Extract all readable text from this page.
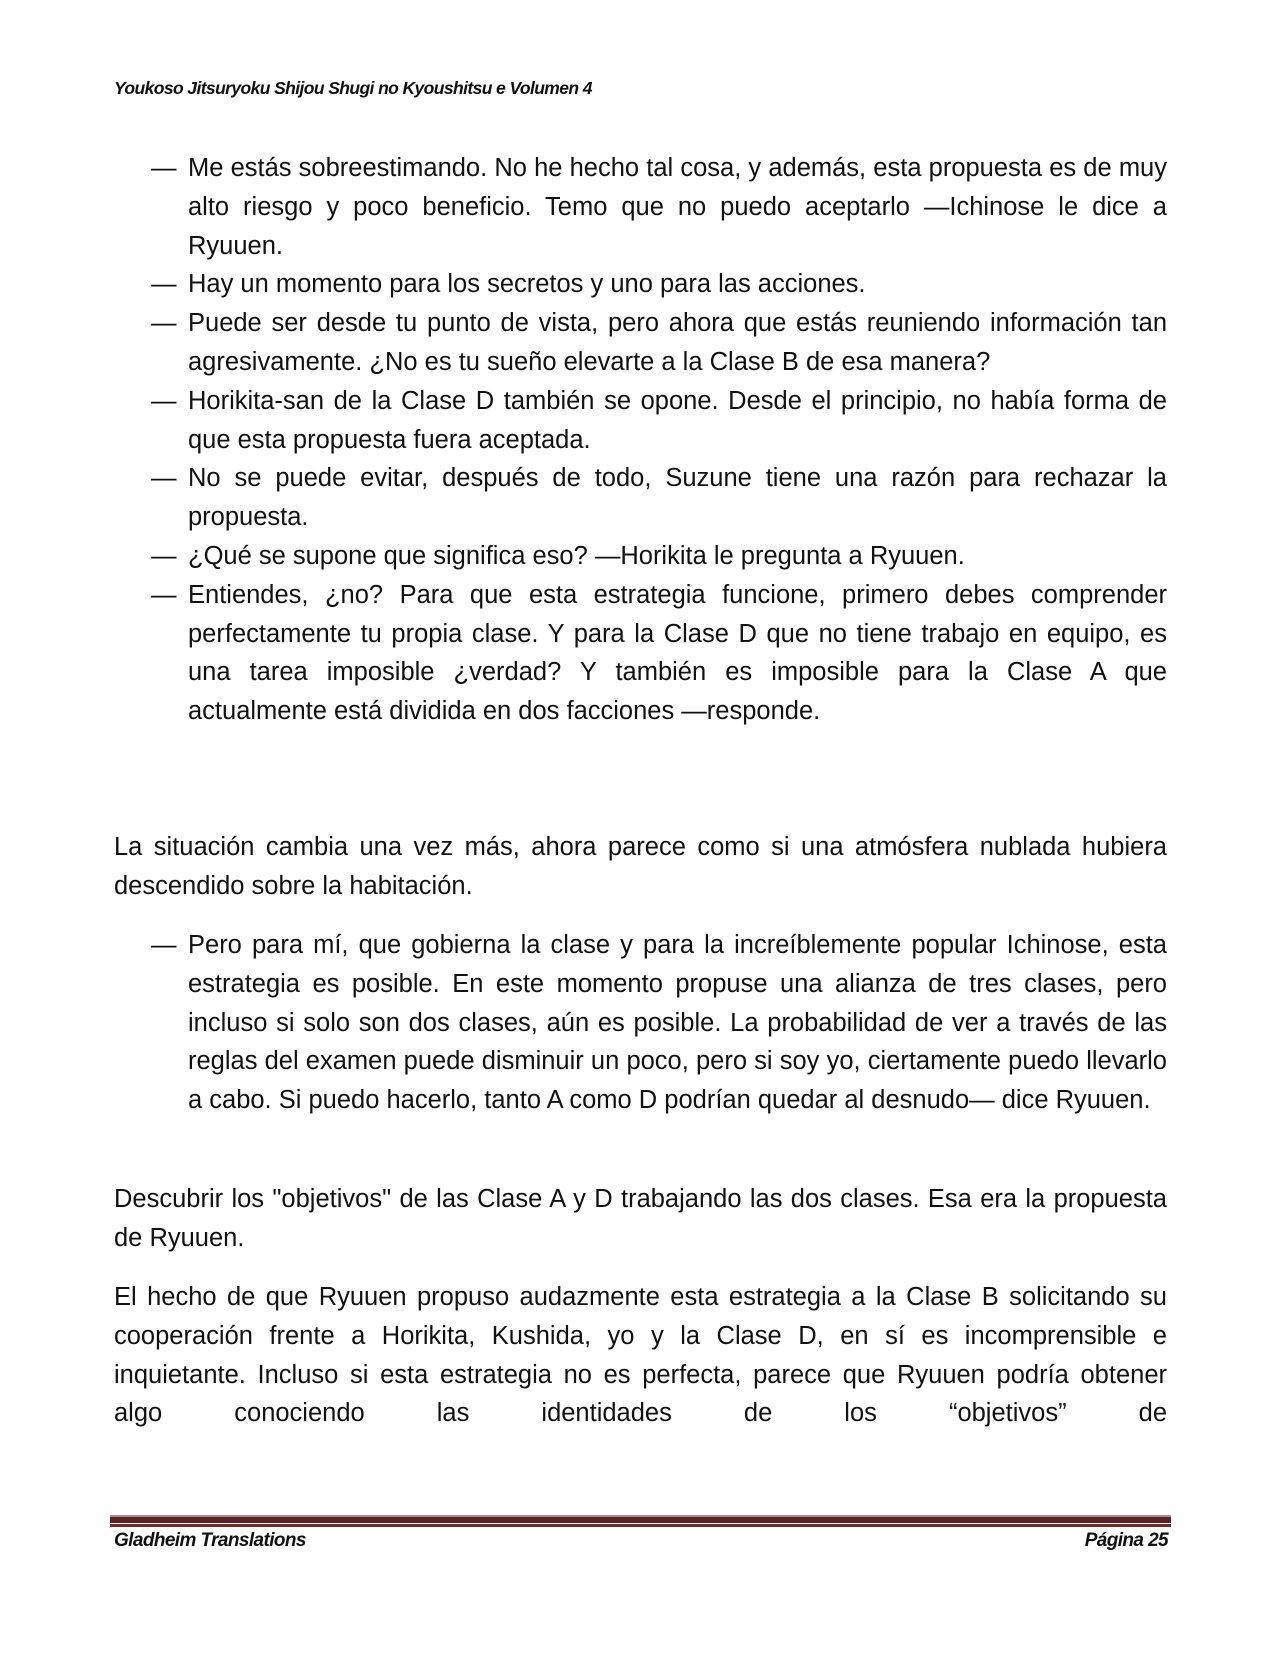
Youkoso Jitsuryoku Shijou Shugi no Kyoushitsu e Volumen 4
— Me estás sobreestimando. No he hecho tal cosa, y además, esta propuesta es de muy alto riesgo y poco beneficio. Temo que no puedo aceptarlo —Ichinose le dice a Ryuuen.
— Hay un momento para los secretos y uno para las acciones.
— Puede ser desde tu punto de vista, pero ahora que estás reuniendo información tan agresivamente. ¿No es tu sueño elevarte a la Clase B de esa manera?
— Horikita-san de la Clase D también se opone. Desde el principio, no había forma de que esta propuesta fuera aceptada.
— No se puede evitar, después de todo, Suzune tiene una razón para rechazar la propuesta.
— ¿Qué se supone que significa eso? —Horikita le pregunta a Ryuuen.
— Entiendes, ¿no? Para que esta estrategia funcione, primero debes comprender perfectamente tu propia clase. Y para la Clase D que no tiene trabajo en equipo, es una tarea imposible ¿verdad? Y también es imposible para la Clase A que actualmente está dividida en dos facciones —responde.

La situación cambia una vez más, ahora parece como si una atmósfera nublada hubiera descendido sobre la habitación.

— Pero para mí, que gobierna la clase y para la increíblemente popular Ichinose, esta estrategia es posible. En este momento propuse una alianza de tres clases, pero incluso si solo son dos clases, aún es posible. La probabilidad de ver a través de las reglas del examen puede disminuir un poco, pero si soy yo, ciertamente puedo llevarlo a cabo. Si puedo hacerlo, tanto A como D podrían quedar al desnudo— dice Ryuuen.

Descubrir los "objetivos" de las Clase A y D trabajando las dos clases. Esa era la propuesta de Ryuuen.

El hecho de que Ryuuen propuso audazmente esta estrategia a la Clase B solicitando su cooperación frente a Horikita, Kushida, yo y la Clase D, en sí es incomprensible e inquietante. Incluso si esta estrategia no es perfecta, parece que Ryuuen podría obtener algo conociendo las identidades de los “objetivos” de

Gladheim Translations	Página 25
